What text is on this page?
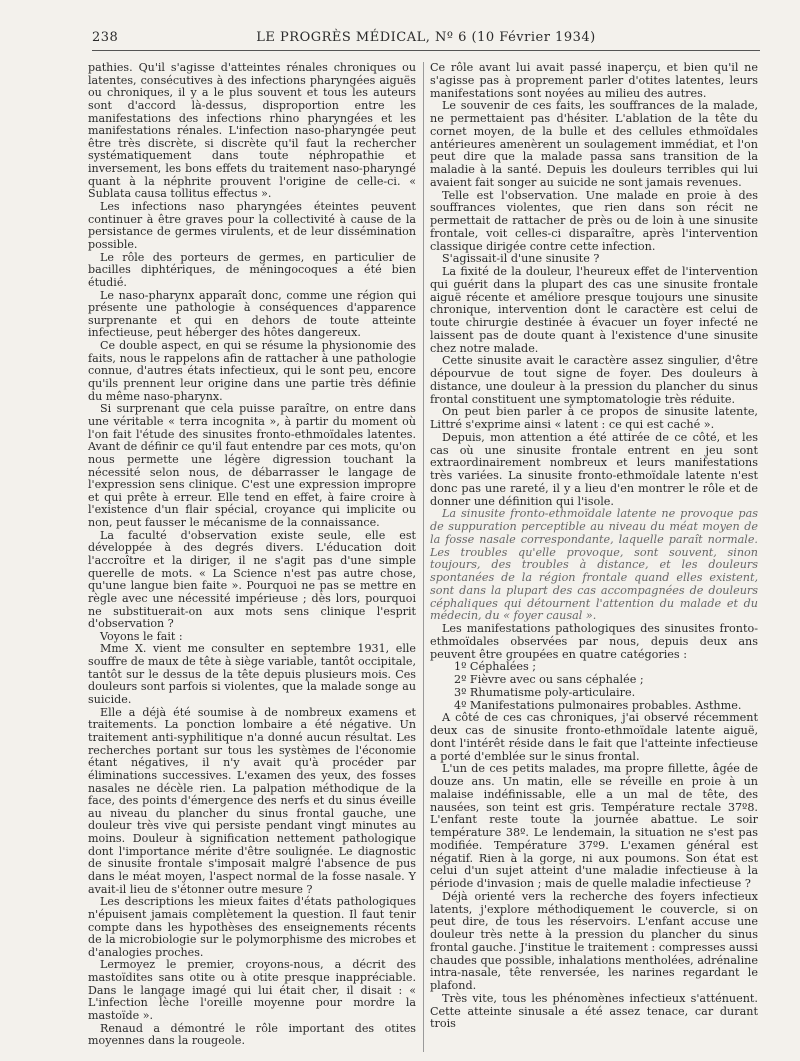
238	LE PROGRÈS MÉDICAL, Nº 6 (10 Février 1934)

pathies. Qu'il s'agisse d'atteintes rénales chroniques ou latentes, consécutives à des infections pharyngées aiguës ou chroniques, il y a le plus souvent et tous les auteurs sont d'accord là-dessus, disproportion entre les manifestations des infections rhino pharyngées et les manifestations rénales. L'infection naso-pharyngée peut être très discrète, si discrète qu'il faut la rechercher systématiquement dans toute néphropathie et inversement, les bons effets du traitement naso-pharyngé quant à la néphrite prouvent l'origine de celle-ci. « Sublata causa tollitus effectus ».

Les infections naso pharyngées éteintes peuvent continuer à être graves pour la collectivité à cause de la persistance de germes virulents, et de leur dissémination possible.

Le rôle des porteurs de germes, en particulier de bacilles diphtériques, de méningocoques a été bien étudié.

Le naso-pharynx apparaît donc, comme une région qui présente une pathologie à conséquences d'apparence surprenante et qui en dehors de toute atteinte infectieuse, peut héberger des hôtes dangereux.

Ce double aspect, en qui se résume la physionomie des faits, nous le rappelons afin de rattacher à une pathologie connue, d'autres états infectieux, qui le sont peu, encore qu'ils prennent leur origine dans une partie très définie du même naso-pharynx.

Si surprenant que cela puisse paraître, on entre dans une véritable « terra incognita », à partir du moment où l'on fait l'étude des sinusites fronto-ethmoïdales latentes. Avant de définir ce qu'il faut entendre par ces mots, qu'on nous permette une légère digression touchant la nécessité selon nous, de débarrasser le langage de l'expression sens clinique. C'est une expression impropre et qui prête à erreur. Elle tend en effet, à faire croire à l'existence d'un flair spécial, croyance qui implicite ou non, peut fausser le mécanisme de la connaissance.

La faculté d'observation existe seule, elle est développée à des degrés divers. L'éducation doit l'accroître et la diriger, il ne s'agit pas d'une simple querelle de mots. « La Science n'est pas autre chose, qu'une langue bien faite ». Pourquoi ne pas se mettre en règle avec une nécessité impérieuse ; dès lors, pourquoi ne substituerait-on aux mots sens clinique l'esprit d'observation ?

Voyons le fait :

Mme X. vient me consulter en septembre 1931, elle souffre de maux de tête à siège variable, tantôt occipitale, tantôt sur le dessus de la tête depuis plusieurs mois. Ces douleurs sont parfois si violentes, que la malade songe au suicide.

Elle a déjà été soumise à de nombreux examens et traitements. La ponction lombaire a été négative. Un traitement anti-syphilitique n'a donné aucun résultat. Les recherches portant sur tous les systèmes de l'économie étant négatives, il n'y avait qu'à procéder par éliminations successives. L'examen des yeux, des fosses nasales ne décèle rien. La palpation méthodique de la face, des points d'émergence des nerfs et du sinus éveille au niveau du plancher du sinus frontal gauche, une douleur très vive qui persiste pendant vingt minutes au moins. Douleur à signification nettement pathologique dont l'importance mérite d'être soulignée. Le diagnostic de sinusite frontale s'imposait malgré l'absence de pus dans le méat moyen, l'aspect normal de la fosse nasale. Y avait-il lieu de s'étonner outre mesure ?

Les descriptions les mieux faites d'états pathologiques n'épuisent jamais complètement la question. Il faut tenir compte dans les hypothèses des enseignements récents de la microbiologie sur le polymorphisme des microbes et d'analogies proches.

Lermoyez le premier, croyons-nous, a décrit des mastoïdites sans otite ou à otite presque inappréciable. Dans le langage imagé qui lui était cher, il disait : « L'infection lèche l'oreille moyenne pour mordre la mastoïde ».

Renaud a démontré le rôle important des otites moyennes dans la rougeole.

Ce rôle avant lui avait passé inaperçu, et bien qu'il ne s'agisse pas à proprement parler d'otites latentes, leurs manifestations sont noyées au milieu des autres.

Le souvenir de ces faits, les souffrances de la malade, ne permettaient pas d'hésiter. L'ablation de la tête du cornet moyen, de la bulle et des cellules ethmoïdales antérieures amenèrent un soulagement immédiat, et l'on peut dire que la malade passa sans transition de la maladie à la santé. Depuis les douleurs terribles qui lui avaient fait songer au suicide ne sont jamais revenues.

Telle est l'observation. Une malade en proie à des souffrances violentes, que rien dans son récit ne permettait de rattacher de près ou de loin à une sinusite frontale, voit celles-ci disparaître, après l'intervention classique dirigée contre cette infection.

S'agissait-il d'une sinusite ?

La fixité de la douleur, l'heureux effet de l'intervention qui guérit dans la plupart des cas une sinusite frontale aiguë récente et améliore presque toujours une sinusite chronique, intervention dont le caractère est celui de toute chirurgie destinée à évacuer un foyer infecté ne laissent pas de doute quant à l'existence d'une sinusite chez notre malade.

Cette sinusite avait le caractère assez singulier, d'être dépourvue de tout signe de foyer. Des douleurs à distance, une douleur à la pression du plancher du sinus frontal constituent une symptomatologie très réduite.

On peut bien parler à ce propos de sinusite latente, Littré s'exprime ainsi « latent : ce qui est caché ».

Depuis, mon attention a été attirée de ce côté, et les cas où une sinusite frontale entrent en jeu sont extraordinairement nombreux et leurs manifestations très variées. La sinusite fronto-ethmoïdale latente n'est donc pas une rareté, il y a lieu d'en montrer le rôle et de donner une définition qui l'isole.

La sinusite fronto-ethmoïdale latente ne provoque pas de suppuration perceptible au niveau du méat moyen de la fosse nasale correspondante, laquelle paraît normale. Les troubles qu'elle provoque, sont souvent, sinon toujours, des troubles à distance, et les douleurs spontanées de la région frontale quand elles existent, sont dans la plupart des cas accompagnées de douleurs céphaliques qui détournent l'attention du malade et du médecin, du « foyer causal ».

Les manifestations pathologiques des sinusites fronto-ethmoïdales observées par nous, depuis deux ans peuvent être groupées en quatre catégories :

1º Céphalées ;

2º Fièvre avec ou sans céphalée ;

3º Rhumatisme poly-articulaire.

4º Manifestations pulmonaires probables. Asthme.

A côté de ces cas chroniques, j'ai observé récemment deux cas de sinusite fronto-ethmoïdale latente aiguë, dont l'intérêt réside dans le fait que l'atteinte infectieuse a porté d'emblée sur le sinus frontal.

L'un de ces petits malades, ma propre fillette, âgée de douze ans. Un matin, elle se réveille en proie à un malaise indéfinissable, elle a un mal de tête, des nausées, son teint est gris. Température rectale 37º8. L'enfant reste toute la journée abattue. Le soir température 38º. Le lendemain, la situation ne s'est pas modifiée. Température 37º9. L'examen général est négatif. Rien à la gorge, ni aux poumons. Son état est celui d'un sujet atteint d'une maladie infectieuse à la période d'invasion ; mais de quelle maladie infectieuse ?

Déjà orienté vers la recherche des foyers infectieux latents, j'explore méthodiquement le couvercle, si on peut dire, de tous les réservoirs. L'enfant accuse une douleur très nette à la pression du plancher du sinus frontal gauche. J'institue le traitement : compresses aussi chaudes que possible, inhalations mentholées, adrénaline intra-nasale, tête renversée, les narines regardant le plafond.

Très vite, tous les phénomènes infectieux s'atténuent. Cette atteinte sinusale a été assez tenace, car durant trois
